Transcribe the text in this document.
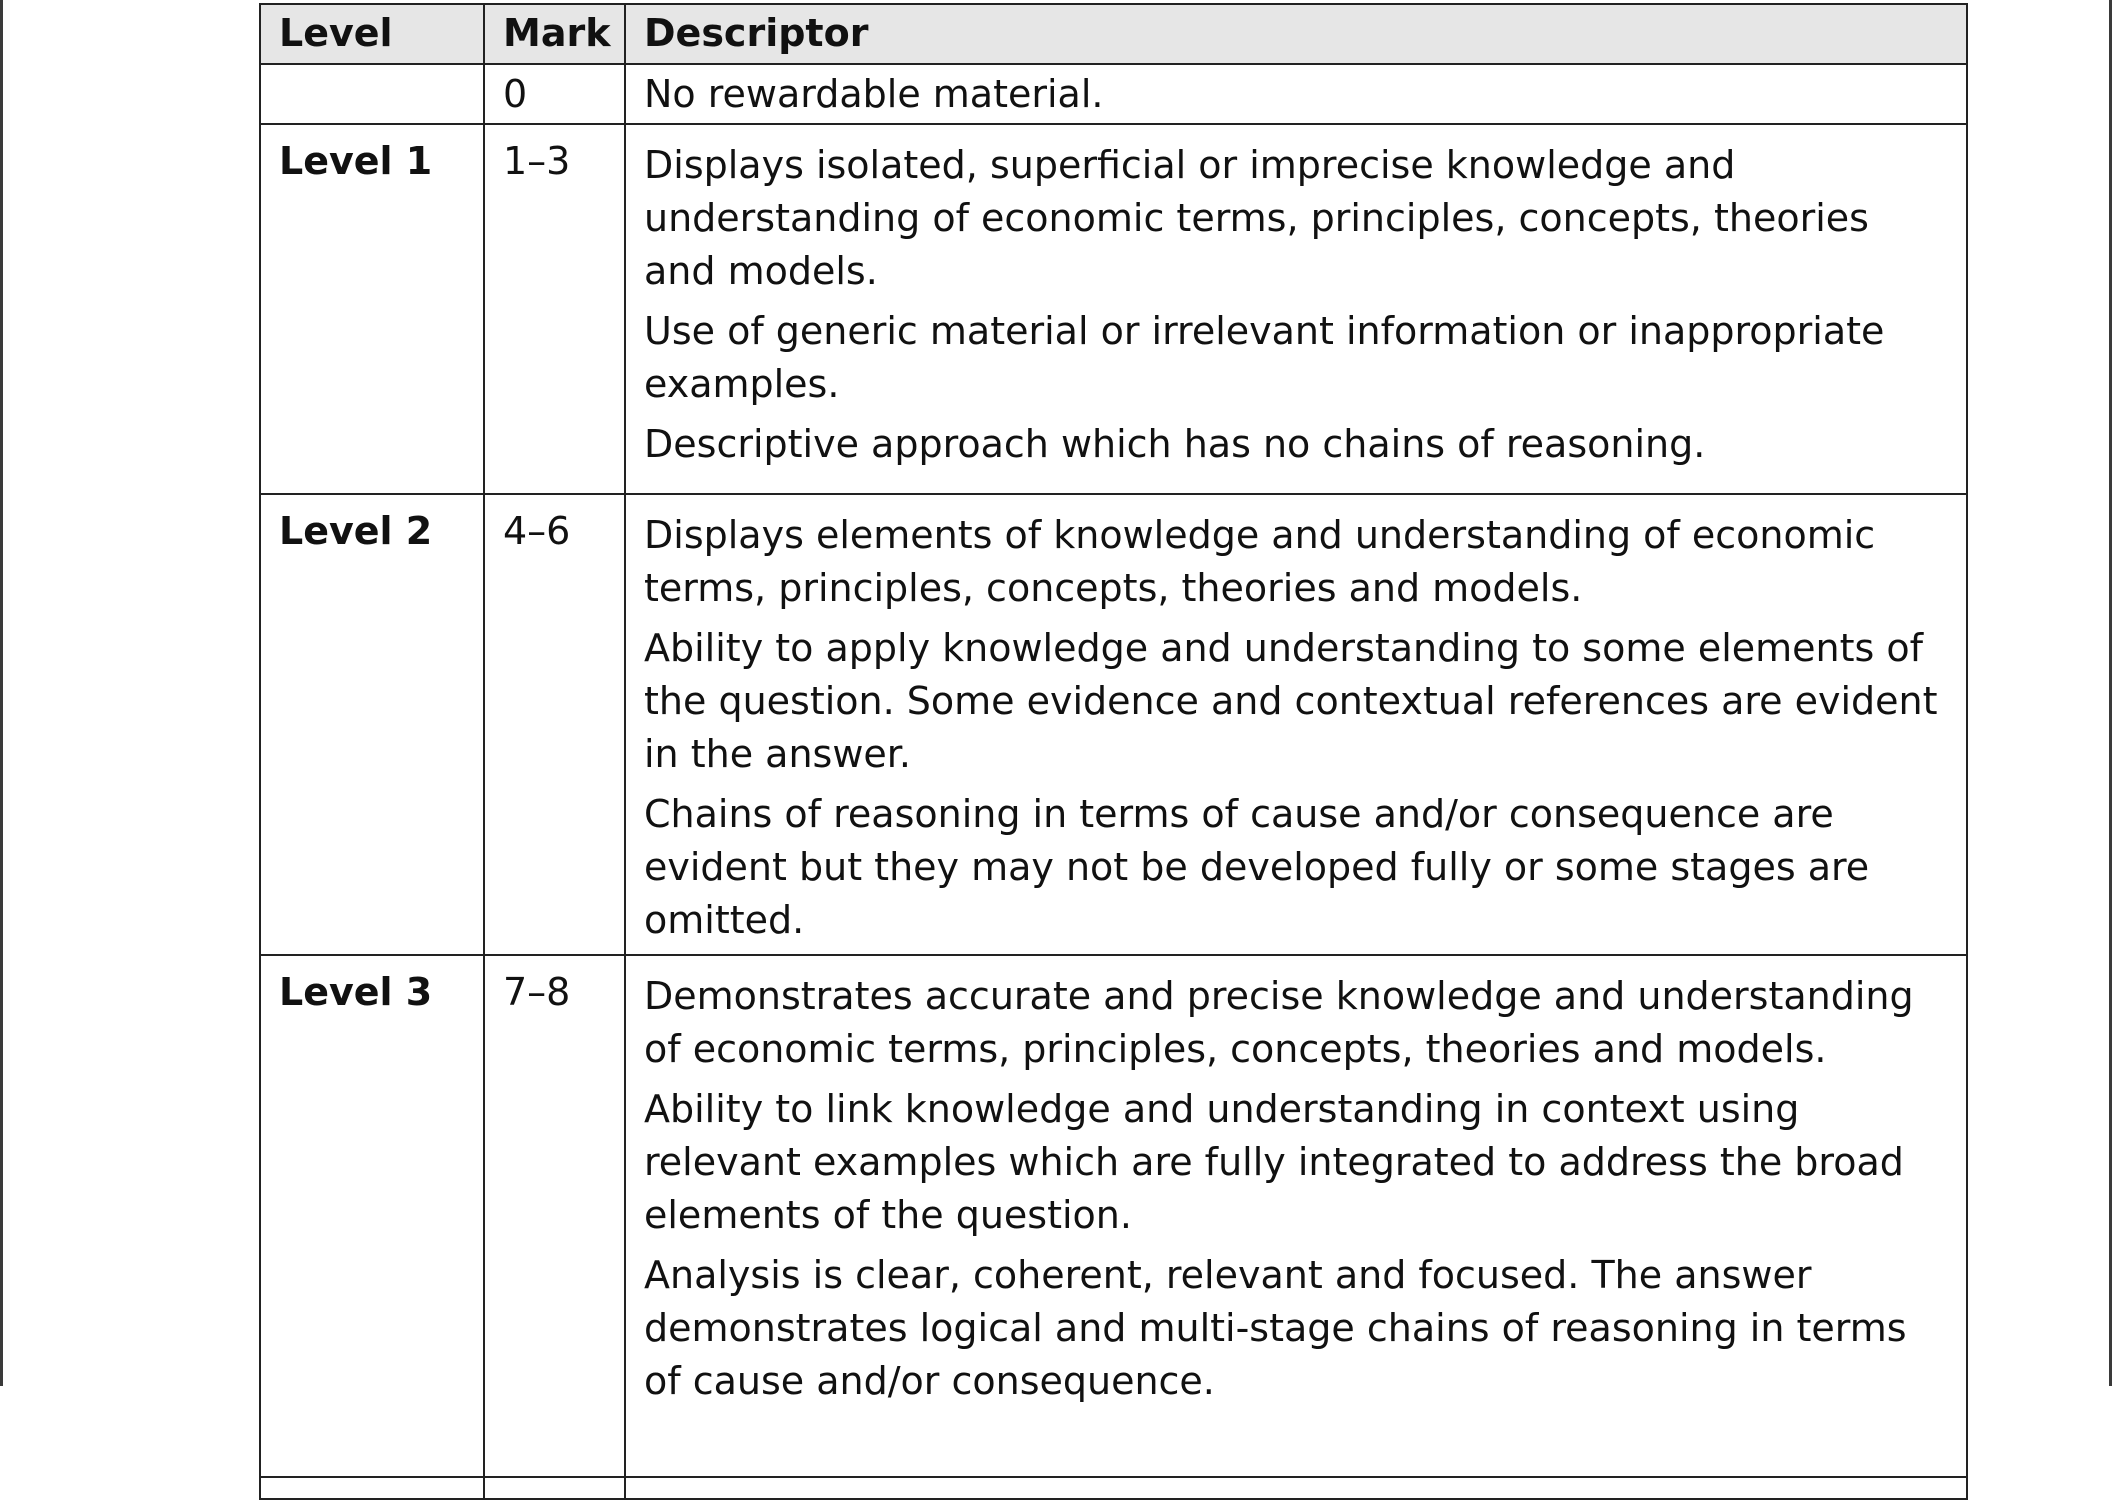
Level	Mark	Descriptor
	0	No rewardable material.
Level 1	1–3	Displays isolated, superficial or imprecise knowledge and understanding of economic terms, principles, concepts, theories and models.

Use of generic material or irrelevant information or inappropriate examples.

Descriptive approach which has no chains of reasoning.

Level 2	4–6	Displays elements of knowledge and understanding of economic terms, principles, concepts, theories and models.

Ability to apply knowledge and understanding to some elements of the question. Some evidence and contextual references are evident in the answer.

Chains of reasoning in terms of cause and/or consequence are evident but they may not be developed fully or some stages are omitted.

Level 3	7–8	Demonstrates accurate and precise knowledge and understanding of economic terms, principles, concepts, theories and models.

Ability to link knowledge and understanding in context using relevant examples which are fully integrated to address the broad elements of the question.

Analysis is clear, coherent, relevant and focused. The answer demonstrates logical and multi-stage chains of reasoning in terms of cause and/or consequence.
